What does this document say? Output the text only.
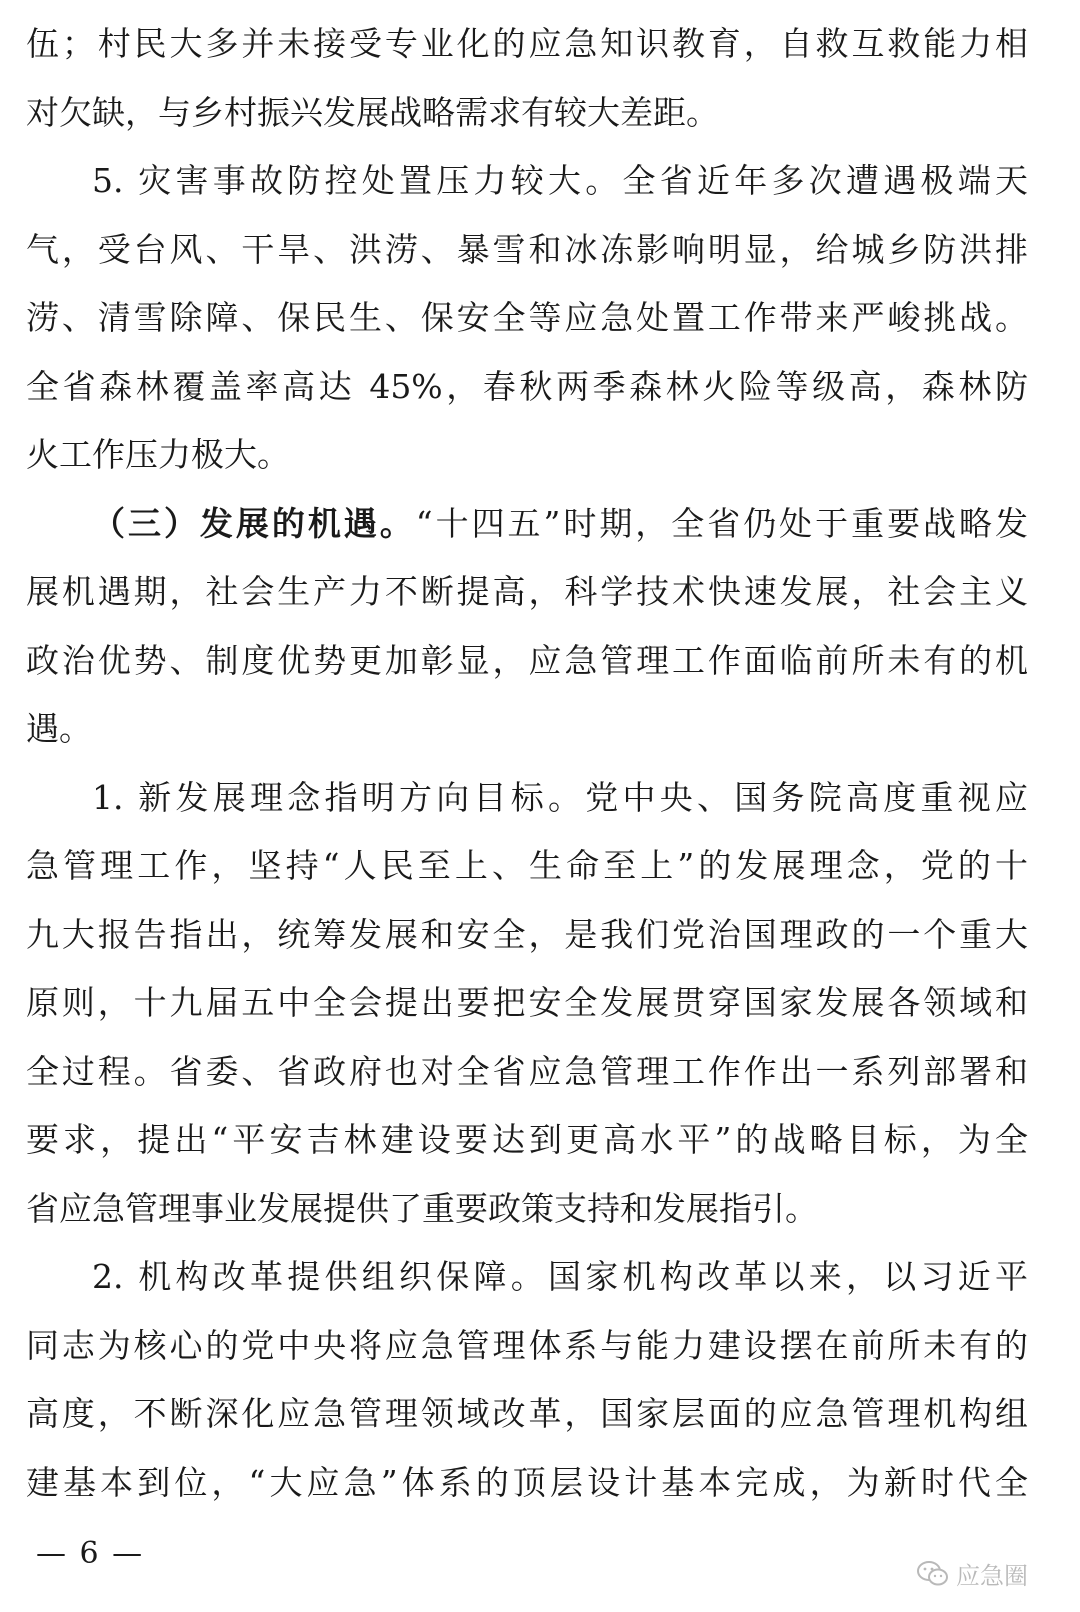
伍；村民大多并未接受专业化的应急知识教育，自救互救能力相
对欠缺，与乡村振兴发展战略需求有较大差距。

5. 灾害事故防控处置压力较大。全省近年多次遭遇极端天
气，受台风、干旱、洪涝、暴雪和冰冻影响明显，给城乡防洪排
涝、清雪除障、保民生、保安全等应急处置工作带来严峻挑战。
全省森林覆盖率高达 45%，春秋两季森林火险等级高，森林防
火工作压力极大。

（三）发展的机遇。“十四五”时期，全省仍处于重要战略发
展机遇期，社会生产力不断提高，科学技术快速发展，社会主义
政治优势、制度优势更加彰显，应急管理工作面临前所未有的机
遇。

1. 新发展理念指明方向目标。党中央、国务院高度重视应
急管理工作，坚持“人民至上、生命至上”的发展理念，党的十
九大报告指出，统筹发展和安全，是我们党治国理政的一个重大
原则，十九届五中全会提出要把安全发展贯穿国家发展各领域和
全过程。省委、省政府也对全省应急管理工作作出一系列部署和
要求，提出“平安吉林建设要达到更高水平”的战略目标，为全
省应急管理事业发展提供了重要政策支持和发展指引。

2. 机构改革提供组织保障。国家机构改革以来，以习近平
同志为核心的党中央将应急管理体系与能力建设摆在前所未有的
高度，不断深化应急管理领域改革，国家层面的应急管理机构组
建基本到位，“大应急”体系的顶层设计基本完成，为新时代全

— 6 —
应急圈
